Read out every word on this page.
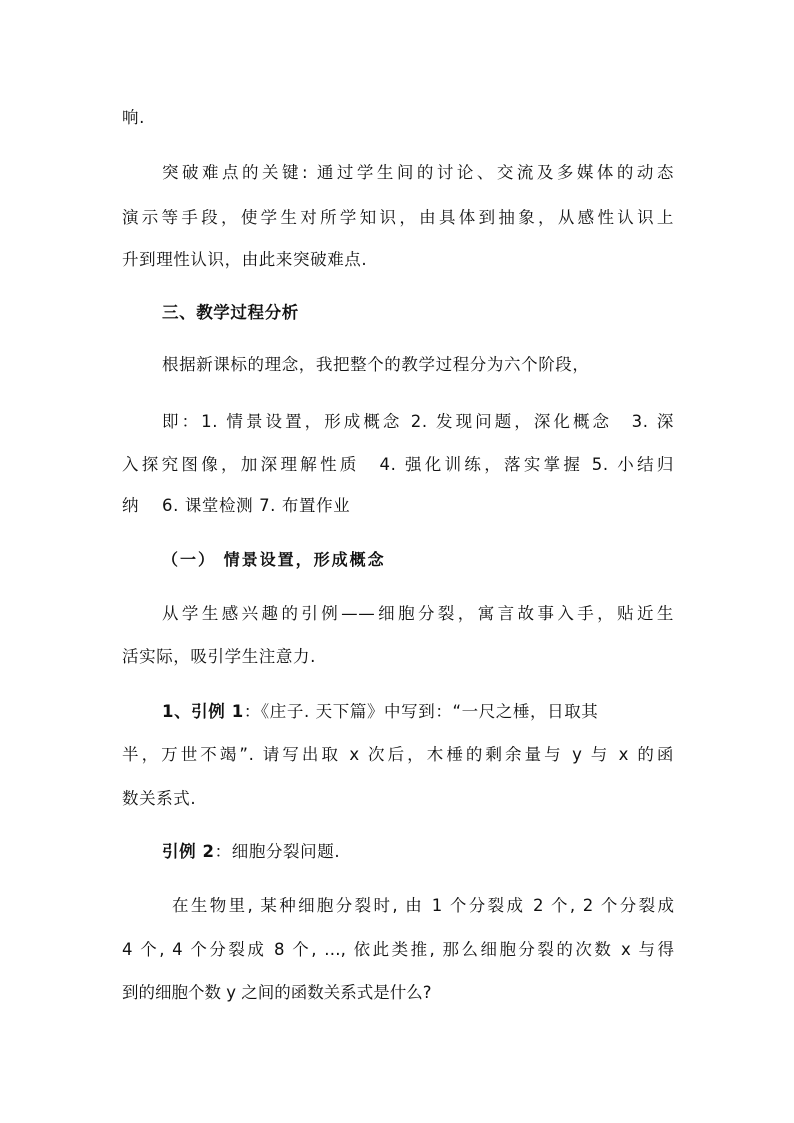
响.
突破难点的关键: 通过学生间的讨论、交流及多媒体的动态
演示等手段，使学生对所学知识，由具体到抽象，从感性认识上
升到理性认识，由此来突破难点.
三、教学过程分析
根据新课标的理念，我把整个的教学过程分为六个阶段，
即：1. 情景设置，形成概念 2. 发现问题，深化概念　3. 深
入探究图像，加深理解性质　4. 强化训练，落实掌握 5. 小结归
纳　 6. 课堂检测 7. 布置作业
（一） 情景设置，形成概念
从学生感兴趣的引例——细胞分裂，寓言故事入手，贴近生
活实际，吸引学生注意力.
1、引例 1：《庄子. 天下篇》中写到：“一尺之棰，日取其
半，万世不竭”. 请写出取 x 次后，木棰的剩余量与 y 与 x 的函
数关系式.
引例 2：细胞分裂问题.
在生物里, 某种细胞分裂时, 由 1 个分裂成 2 个, 2 个分裂成
4 个, 4 个分裂成 8 个, …, 依此类推, 那么细胞分裂的次数 x 与得
到的细胞个数 y 之间的函数关系式是什么?
